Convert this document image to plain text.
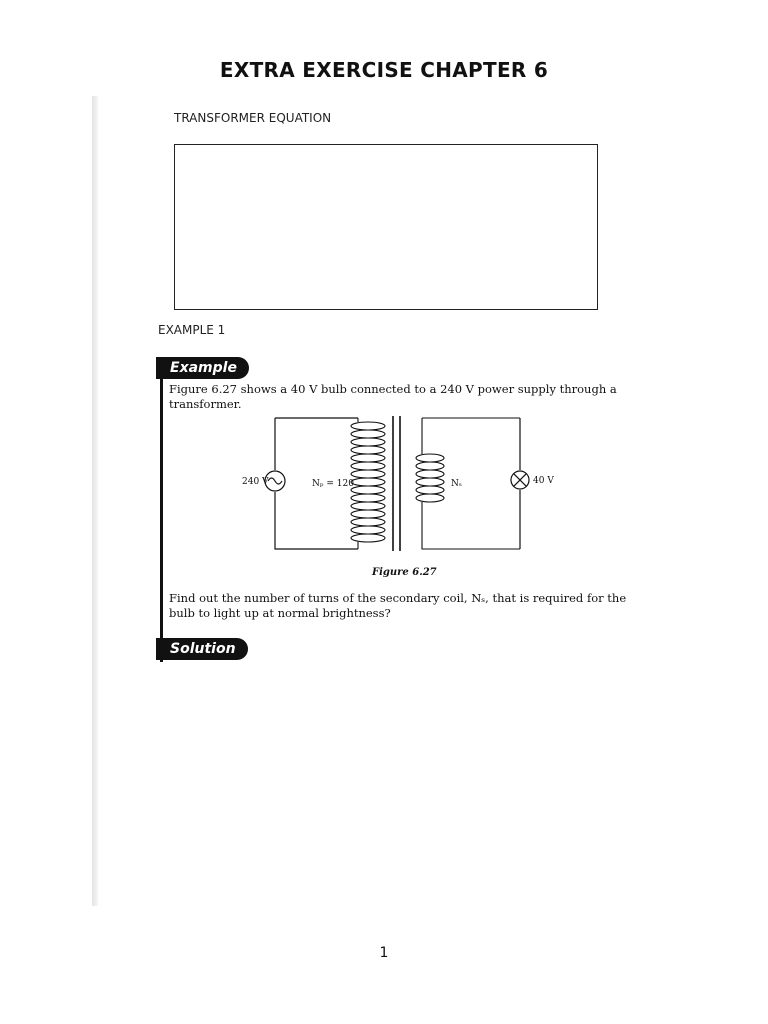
EXTRA EXERCISE CHAPTER 6
TRANSFORMER EQUATION
EXAMPLE 1
Example
Figure 6.27 shows a 40 V bulb connected to a 240 V power supply through a transformer.
240 V	Nₚ = 120	Nₛ	40 V
Figure 6.27
Find out the number of turns of the secondary coil, Nₛ, that is required for the bulb to light up at normal brightness?
Solution
1
